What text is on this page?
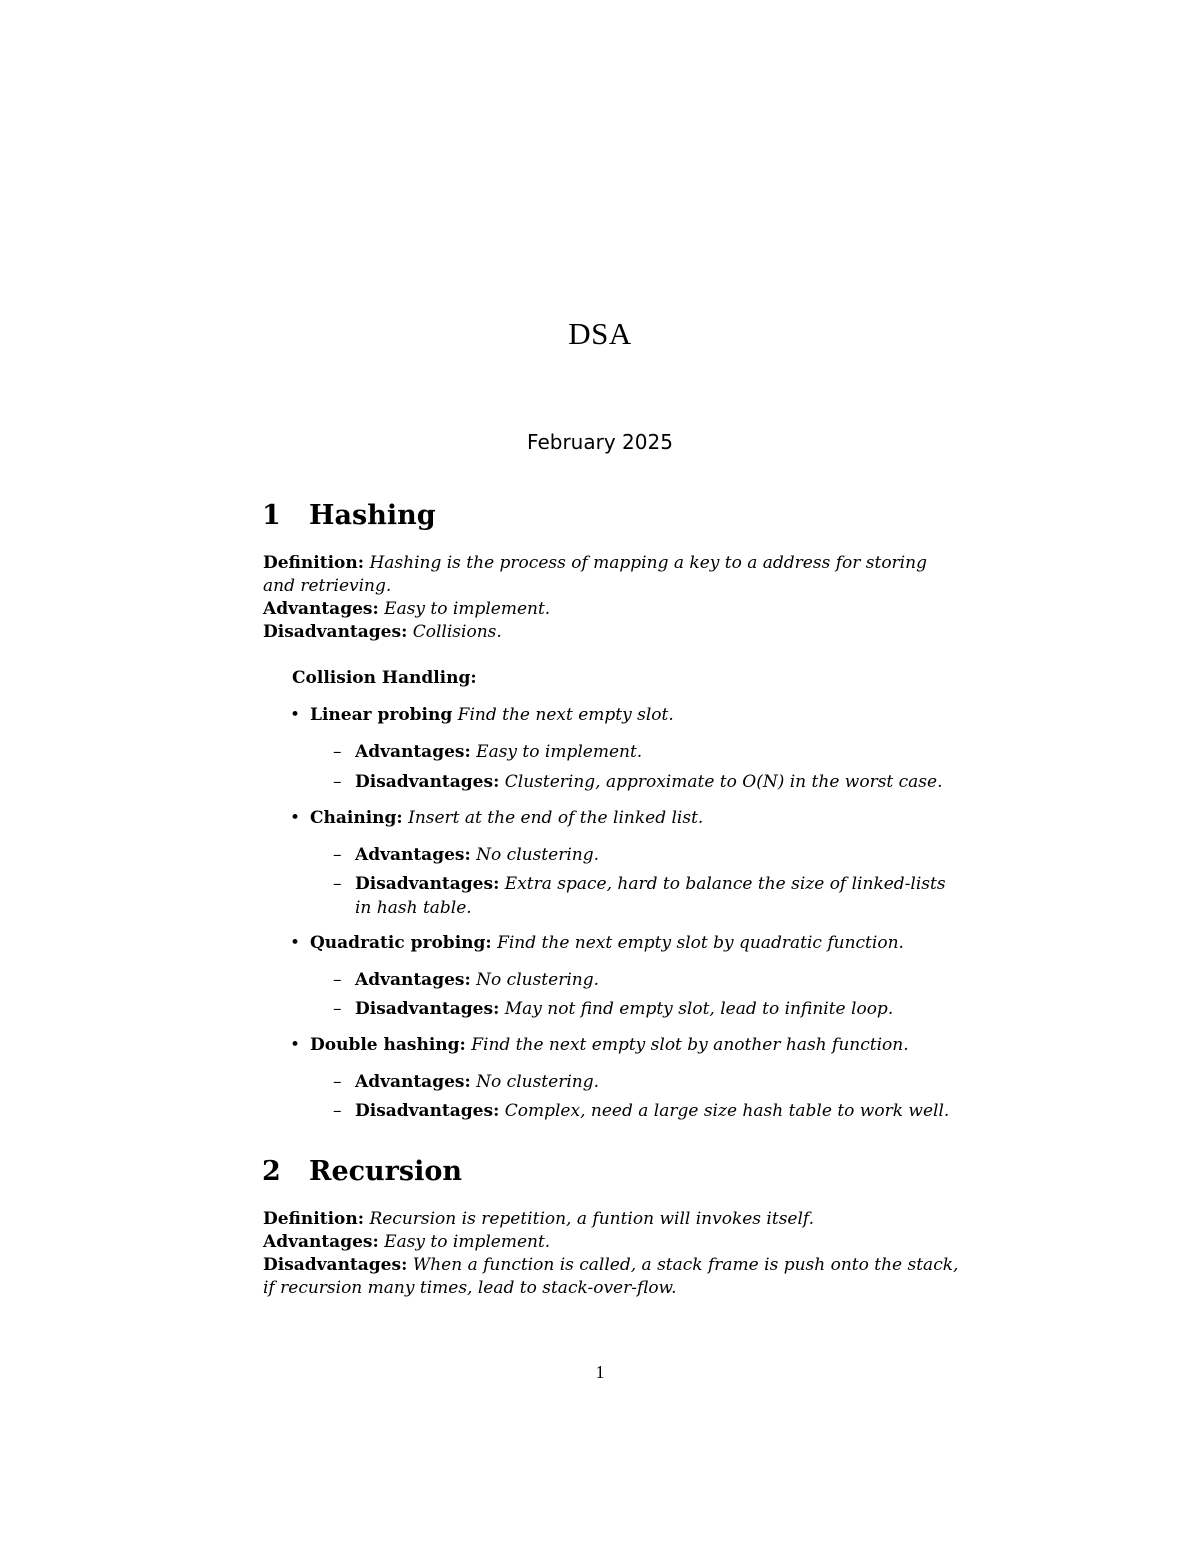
DSA
February 2025
1 Hashing
Definition: Hashing is the process of mapping a key to a address for storing
and retrieving.
Advantages: Easy to implement.
Disadvantages: Collisions.
Collision Handling:
• Linear probing Find the next empty slot.
– Advantages: Easy to implement.
– Disadvantages: Clustering, approximate to O(N) in the worst case.
• Chaining: Insert at the end of the linked list.
– Advantages: No clustering.
– Disadvantages: Extra space, hard to balance the size of linked-lists
in hash table.
• Quadratic probing: Find the next empty slot by quadratic function.
– Advantages: No clustering.
– Disadvantages: May not find empty slot, lead to infinite loop.
• Double hashing: Find the next empty slot by another hash function.
– Advantages: No clustering.
– Disadvantages: Complex, need a large size hash table to work well.
2 Recursion
Definition: Recursion is repetition, a funtion will invokes itself.
Advantages: Easy to implement.
Disadvantages: When a function is called, a stack frame is push onto the stack,
if recursion many times, lead to stack-over-flow.
1
